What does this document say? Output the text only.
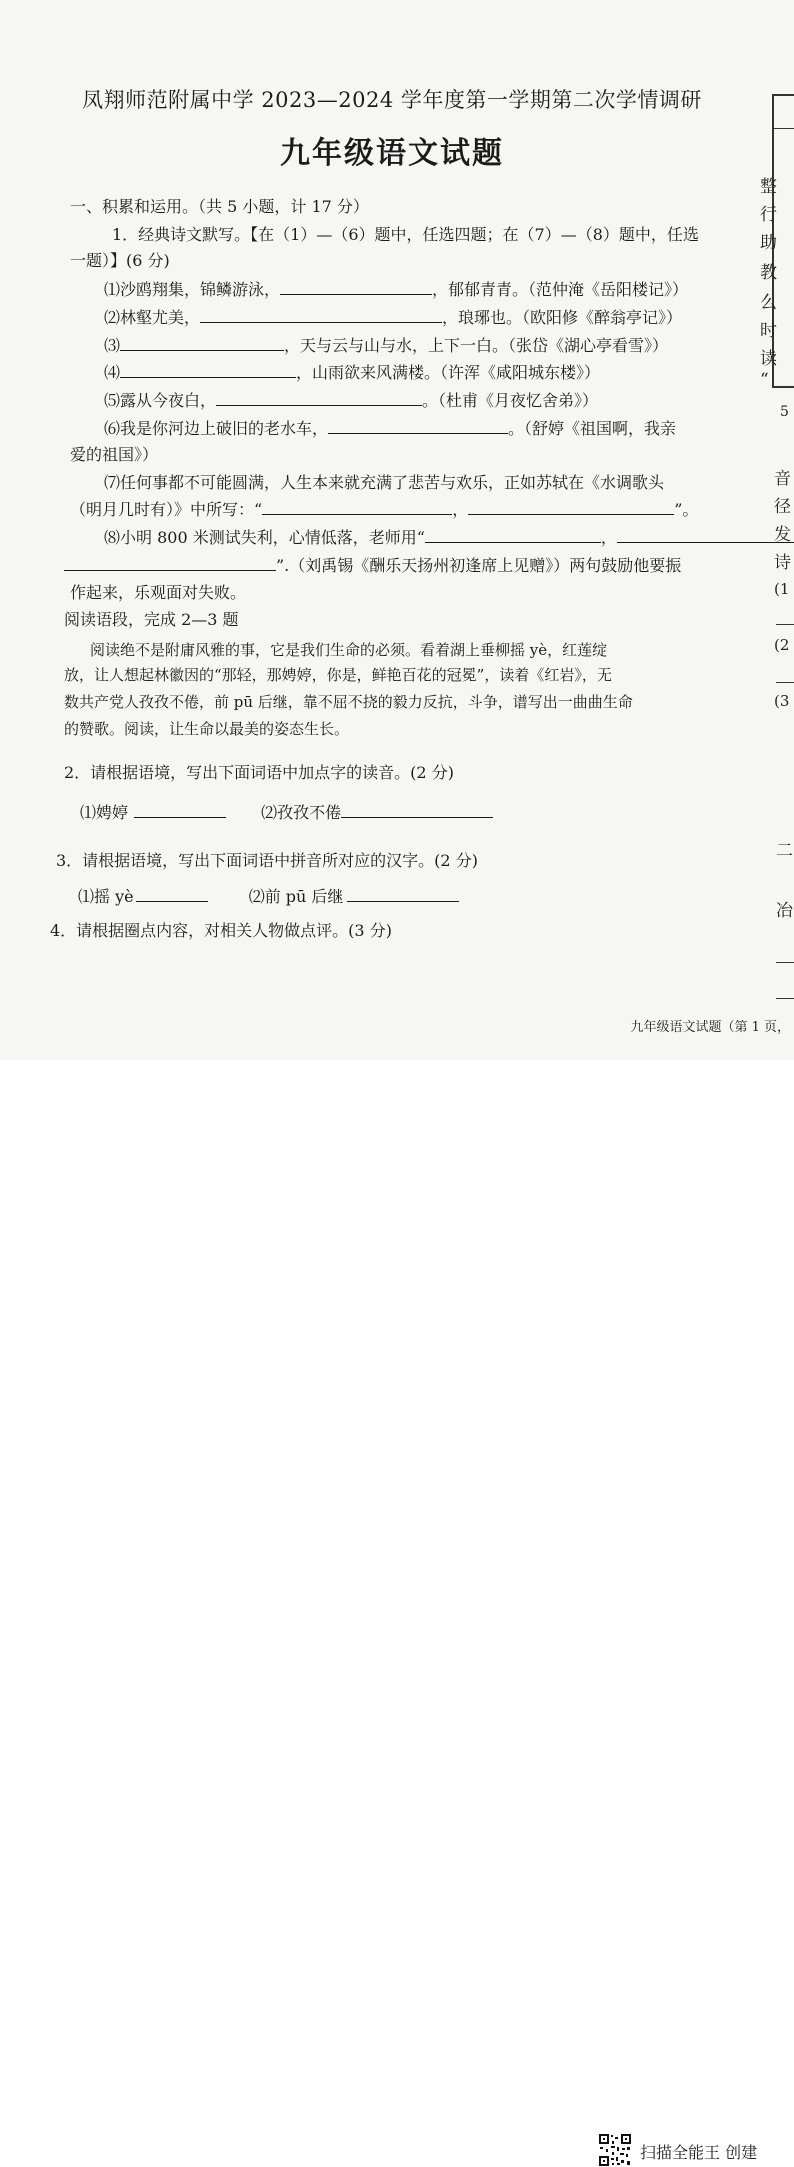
凤翔师范附属中学 2023—2024 学年度第一学期第二次学情调研
九年级语文试题
一、积累和运用。（共 5 小题，计 17 分）
1．经典诗文默写。【在（1）—（6）题中，任选四题；在（7）—（8）题中，任选
一题）】(6 分)
⑴沙鸥翔集，锦鳞游泳，	，郁郁青青。（范仲淹《岳阳楼记》）
⑵林壑尤美，	，琅琊也。（欧阳修《醉翁亭记》）
⑶	，天与云与山与水，上下一白。（张岱《湖心亭看雪》）
⑷	，山雨欲来风满楼。（许浑《咸阳城东楼》）
⑸露从今夜白，	。（杜甫《月夜忆舍弟》）
⑹我是你河边上破旧的老水车，	。（舒婷《祖国啊，我亲
爱的祖国》）
⑺任何事都不可能圆满，人生本来就充满了悲苦与欢乐，正如苏轼在《水调歌头
（明月几时有）》中所写：“	，	”。
⑻小明 800 米测试失利，心情低落，老师用“	，
”.（刘禹锡《酬乐天扬州初逢席上见赠》）两句鼓励他要振
作起来，乐观面对失败。
阅读语段，完成 2—3 题
阅读绝不是附庸风雅的事，它是我们生命的必须。看着湖上垂柳摇 yè，红莲绽
放，让人想起林徽因的“那轻，那娉婷，你是，鲜艳百花的冠冕”，读着《红岩》，无
数共产党人孜孜不倦，前 pū 后继，靠不屈不挠的毅力反抗，斗争，谱写出一曲曲生命
的赞歌。阅读，让生命以最美的姿态生长。
2．请根据语境，写出下面词语中加点字的读音。(2 分)
⑴娉婷	⑵孜孜不倦
3．请根据语境，写出下面词语中拼音所对应的汉字。(2 分)
⑴摇 yè	⑵前 pū 后继
4．请根据圈点内容，对相关人物做点评。(3 分)
整
行
助
教
么
时
读
“
5
音
径
发
诗
(1
(2
(3
二
冶
九年级语文试题（第 1 页，
扫描全能王 创建
